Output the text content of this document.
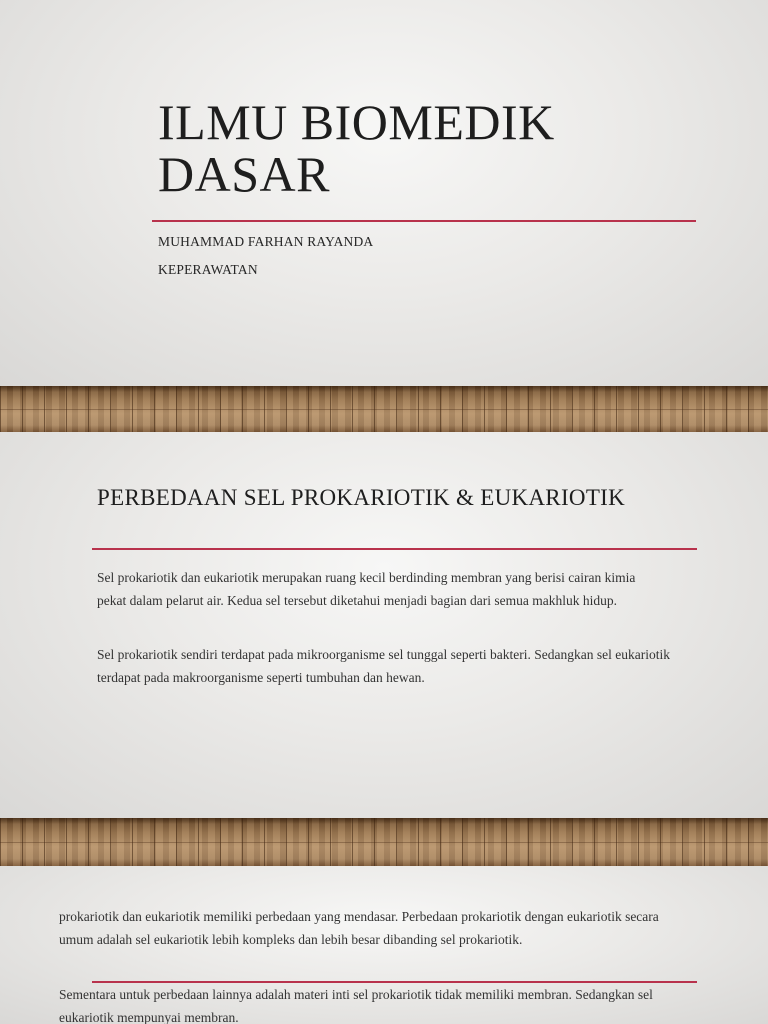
ILMU BIOMEDIK DASAR

MUHAMMAD FARHAN RAYANDA

KEPERAWATAN

PERBEDAAN SEL PROKARIOTIK & EUKARIOTIK

Sel prokariotik dan eukariotik merupakan ruang kecil berdinding membran yang berisi cairan kimia pekat dalam pelarut air. Kedua sel tersebut diketahui menjadi bagian dari semua makhluk hidup.

Sel prokariotik sendiri terdapat pada mikroorganisme sel tunggal seperti bakteri. Sedangkan sel eukariotik terdapat pada makroorganisme seperti tumbuhan dan hewan.

prokariotik dan eukariotik memiliki perbedaan yang mendasar. Perbedaan prokariotik dengan eukariotik secara umum adalah sel eukariotik lebih kompleks dan lebih besar dibanding sel prokariotik.

Sementara untuk perbedaan lainnya adalah materi inti sel prokariotik tidak memiliki membran. Sedangkan sel eukariotik mempunyai membran.
